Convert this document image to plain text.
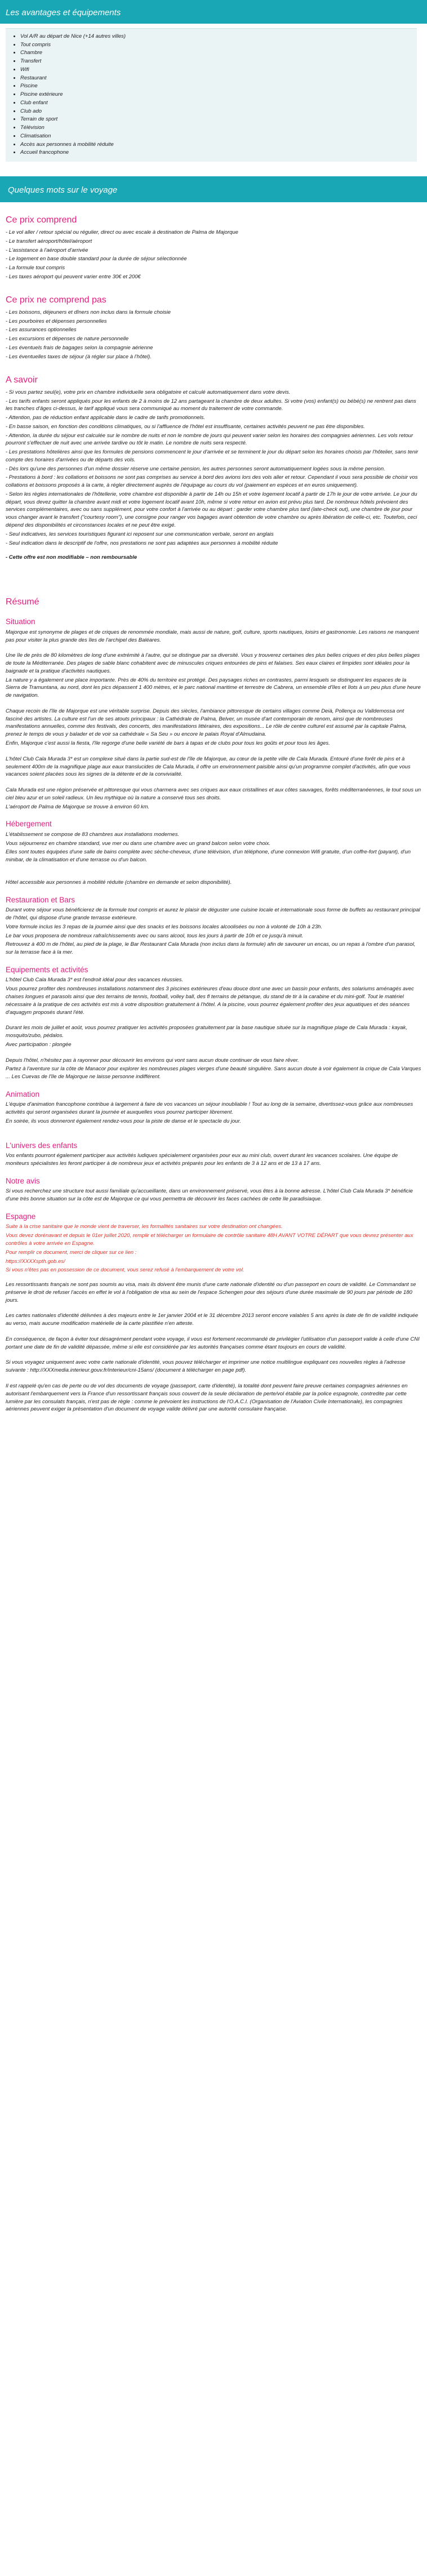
Les avantages et équipements
• Vol A/R au départ de Nice (+14 autres villes)
• Tout compris
• Chambre
• Transfert
• Wifi
• Restaurant
• Piscine
• Piscine extérieure
• Club enfant
• Club ado
• Terrain de sport
• Télévision
• Climatisation
• Accès aux personnes à mobilité réduite
• Accueil francophone
Quelques mots sur le voyage
Ce prix comprend

- Le vol aller / retour spécial ou régulier, direct ou avec escale à destination de Palma de Majorque

- Le transfert aéroport/hôtel/aéroport

- L'assistance à l'aéroport d'arrivée

- Le logement en base double standard pour la durée de séjour sélectionnée

- La formule tout compris

- Les taxes aéroport qui peuvent varier entre 30€ et 200€

Ce prix ne comprend pas

- Les boissons, déjeuners et dîners non inclus dans la formule choisie

- Les pourboires et dépenses personnelles

- Les assurances optionnelles

- Les excursions et dépenses de nature personnelle

- Les éventuels frais de bagages selon la compagnie aérienne

- Les éventuelles taxes de séjour (à régler sur place à l'hôtel).

A savoir

- Si vous partez seul(e), votre prix en chambre individuelle sera obligatoire et calculé automatiquement dans votre devis.

- Les tarifs enfants seront appliqués pour les enfants de 2 à moins de 12 ans partageant la chambre de deux adultes. Si votre (vos) enfant(s) ou bébé(s) ne rentrent pas dans les tranches d'âges ci-dessus, le tarif appliqué vous sera communiqué au moment du traitement de votre commande.

- Attention, pas de réduction enfant applicable dans le cadre de tarifs promotionnels.

- En basse saison, en fonction des conditions climatiques, ou si l'affluence de l'hôtel est insuffisante, certaines activités peuvent ne pas être disponibles.

- Attention, la durée du séjour est calculée sur le nombre de nuits et non le nombre de jours qui peuvent varier selon les horaires des compagnies aériennes. Les vols retour pourront s'effectuer de nuit avec une arrivée tardive ou tôt le matin. Le nombre de nuits sera respecté.

- Les prestations hôtelières ainsi que les formules de pensions commencent le jour d'arrivée et se terminent le jour du départ selon les horaires choisis par l'hôtelier, sans tenir compte des horaires d'arrivées ou de départs des vols.

- Dès lors qu'une des personnes d'un même dossier réserve une certaine pension, les autres personnes seront automatiquement logées sous la même pension.

- Prestations à bord : les collations et boissons ne sont pas comprises au service à bord des avions lors des vols aller et retour. Cependant il vous sera possible de choisir vos collations et boissons proposés à la carte, à régler directement auprès de l'équipage au cours du vol (paiement en espèces et en euros uniquement).

- Selon les règles internationales de l'hôtellerie, votre chambre est disponible à partir de 14h ou 15h et votre logement locatif à partir de 17h le jour de votre arrivée. Le jour du départ, vous devez quitter la chambre avant midi et votre logement locatif avant 10h, même si votre retour en avion est prévu plus tard. De nombreux hôtels prévoient des services complémentaires, avec ou sans supplément, pour votre confort à l'arrivée ou au départ : garder votre chambre plus tard (late-check out), une chambre de jour pour vous changer avant le transfert ("courtesy room"), une consigne pour ranger vos bagages avant obtention de votre chambre ou après libération de celle-ci, etc. Toutefois, ceci dépend des disponibilités et circonstances locales et ne peut être exigé.

- Seul indicatives, les services touristiques figurant ici reposent sur une communication verbale, seront en anglais

- Seul indication dans le descriptif de l'offre, nos prestations ne sont pas adaptées aux personnes à mobilité réduite

- Cette offre est non modifiable – non remboursable

Résumé
Situation

Majorque est synonyme de plages et de criques de renommée mondiale, mais aussi de nature, golf, culture, sports nautiques, loisirs et gastronomie. Les raisons ne manquent pas pour visiter la plus grande des îles de l'archipel des Baléares.

Une île de près de 80 kilomètres de long d'une extrémité à l'autre, qui se distingue par sa diversité. Vous y trouverez certaines des plus belles criques et des plus belles plages de toute la Méditerranée. Des plages de sable blanc cohabitent avec de minuscules criques entourées de pins et falaises. Ses eaux claires et limpides sont idéales pour la baignade et la pratique d'activités nautiques.

La nature y a également une place importante. Près de 40% du territoire est protégé. Des paysages riches en contrastes, parmi lesquels se distinguent les espaces de la Sierra de Tramuntana, au nord, dont les pics dépassent 1 400 mètres, et le parc national maritime et terrestre de Cabrera, un ensemble d'îles et îlots à un peu plus d'une heure de navigation.

Chaque recoin de l'île de Majorque est une véritable surprise. Depuis des siècles, l'ambiance pittoresque de certains villages comme Deià, Pollença ou Valldemossa ont fasciné des artistes. La culture est l'un de ses atouts principaux : la Cathédrale de Palma, Belver, un musée d'art contemporain de renom, ainsi que de nombreuses manifestations annuelles, comme des festivals, des concerts, des manifestations littéraires, des expositions... Le rôle de centre culturel est assumé par la capitale Palma, prenez le temps de vous y balader et de voir sa cathédrale « Sa Seu » ou encore le palais Royal d'Almudaina.

Enfin, Majorque c'est aussi la fiesta, l'île regorge d'une belle variété de bars à tapas et de clubs pour tous les goûts et pour tous les âges.

L'hôtel Club Cala Murada 3* est un complexe situé dans la partie sud-est de l'île de Majorque, au cœur de la petite ville de Cala Murada. Entouré d'une forêt de pins et à seulement 400m de la magnifique plage aux eaux translucides de Cala Murada, il offre un environnement paisible ainsi qu'un programme complet d'activités, afin que vous vacances soient placées sous les signes de la détente et de la convivialité.

Cala Murada est une région préservée et pittoresque qui vous charmera avec ses criques aux eaux cristallines et aux côtes sauvages, forêts méditerranéennes, le tout sous un ciel bleu azur et un soleil radieux. Un lieu mythique où la nature a conservé tous ses droits.

L'aéroport de Palma de Majorque se trouve à environ 60 km.

Hébergement

L'établissement se compose de 83 chambres aux installations modernes.

Vous séjournerez en chambre standard, vue mer ou dans une chambre avec un grand balcon selon votre choix.

Elles sont toutes équipées d'une salle de bains complète avec sèche-cheveux, d'une télévision, d'un téléphone, d'une connexion Wifi gratuite, d'un coffre-fort (payant), d'un minibar, de la climatisation et d'une terrasse ou d'un balcon.

Hôtel accessible aux personnes à mobilité réduite (chambre en demande et selon disponibilité).

Restauration et Bars

Durant votre séjour vous bénéficierez de la formule tout compris et aurez le plaisir de déguster une cuisine locale et internationale sous forme de buffets au restaurant principal de l'hôtel, qui dispose d'une grande terrasse extérieure.

Votre formule inclus les 3 repas de la journée ainsi que des snacks et les boissons locales alcoolisées ou non à volonté de 10h à 23h.

Le bar vous proposera de nombreux rafraîchissements avec ou sans alcool, tous les jours à partir de 10h et ce jusqu'à minuit.

Retrouvez à 400 m de l'hôtel, au pied de la plage, le Bar Restaurant Cala Murada (non inclus dans la formule) afin de savourer un encas, ou un repas à l'ombre d'un parasol, sur la terrasse face à la mer.

Equipements et activités

L'hôtel Club Cala Murada 3* est l'endroit idéal pour des vacances réussies.

Vous pourrez profiter des nombreuses installations notamment des 3 piscines extérieures d'eau douce dont une avec un bassin pour enfants, des solariums aménagés avec chaises longues et parasols ainsi que des terrains de tennis, football, volley ball, des fl terrains de pétanque, du stand de tir à la carabine et du mini-golf. Tout le matériel nécessaire à la pratique de ces activités est mis à votre disposition gratuitement à l'hôtel. A la piscine, vous pourrez également profiter des jeux aquatiques et des séances d'aquagym proposés durant l'été.

Durant les mois de juillet et août, vous pourrez pratiquer les activités proposées gratuitement par la base nautique située sur la magnifique plage de Cala Murada : kayak, mosquito/zubo, pédalos.

Avec participation : plongée

Depuis l'hôtel, n'hésitez pas à rayonner pour découvrir les environs qui vont sans aucun doute continuer de vous faire rêver.

Partez à l'aventure sur la côte de Manacor pour explorer les nombreuses plages vierges d'une beauté singulière. Sans aucun doute à voir également la crique de Cala Varques ... Les Cuevas de l'île de Majorque ne laisse personne indifférent.

Animation

L'équipe d'animation francophone contribue à largement à faire de vos vacances un séjour inoubliable ! Tout au long de la semaine, divertissez-vous grâce aux nombreuses activités qui seront organisées durant la journée et auxquelles vous pourrez participer librement.

En soirée, ils vous donneront également rendez-vous pour la piste de danse et le spectacle du jour.

L'univers des enfants

Vos enfants pourront également participer aux activités ludiques spécialement organisées pour eux au mini club, ouvert durant les vacances scolaires. Une équipe de moniteurs spécialistes les feront participer à de nombreux jeux et activités préparés pour les enfants de 3 à 12 ans et de 13 à 17 ans.

Notre avis

Si vous recherchez une structure tout aussi familiale qu'accueillante, dans un environnement préservé, vous êtes à la bonne adresse. L'hôtel Club Cala Murada 3* bénéficie d'une très bonne situation sur la côte est de Majorque ce qui vous permettra de découvrir les faces cachées de cette île paradisiaque.

Espagne

Suite à la crise sanitaire que le monde vient de traverser, les formalités sanitaires sur votre destination ont changées.

Vous devez dorénavant et depuis le 01er juillet 2020, remplir et télécharger un formulaire de contrôle sanitaire 48H AVANT VOTRE DÉPART que vous devrez présenter aux contrôles à votre arrivée en Espagne.

Pour remplir ce document, merci de cliquer sur ce lien :

https://XXXXspth.gob.es/

Si vous n'êtes pas en possession de ce document, vous serez refusé à l'embarquement de votre vol.

Les ressortissants français ne sont pas soumis au visa, mais ils doivent être munis d'une carte nationale d'identité ou d'un passeport en cours de validité. Le Commandant se préserve le droit de refuser l'accès en effet le vol à l'obligation de visa au sein de l'espace Schengen pour des séjours d'une durée maximale de 90 jours par période de 180 jours.

Les cartes nationales d'identité délivrées à des majeurs entre le 1er janvier 2004 et le 31 décembre 2013 seront encore valables 5 ans après la date de fin de validité indiquée au verso, mais aucune modification matérielle de la carte plastifiée n'en atteste.

En conséquence, de façon à éviter tout désagrément pendant votre voyage, il vous est fortement recommandé de privilégier l'utilisation d'un passeport valide à celle d'une CNI portant une date de fin de validité dépassée, même si elle est considérée par les autorités françaises comme étant toujours en cours de validité.

Si vous voyagez uniquement avec votre carte nationale d'identité, vous pouvez télécharger et imprimer une notice multilingue expliquant ces nouvelles règles à l'adresse suivante : http://XXXmedia.interieur.gouv.fr/interieur/cni-15ans/ (document à télécharger en page pdf).

Il est rappelé qu'en cas de perte ou de vol des documents de voyage (passeport, carte d'identité), la totalité dont peuvent faire preuve certaines compagnies aériennes en autorisant l'embarquement vers la France d'un ressortissant français sous couvert de la seule déclaration de perte/vol établie par la police espagnole, contredite par cette lumière par les consulats français, n'est pas de règle : comme le prévoient les instructions de l'O.A.C.I. (Organisation de l'Aviation Civile Internationale), les compagnies aériennes peuvent exiger la présentation d'un document de voyage valide délivré par une autorité consulaire française.
